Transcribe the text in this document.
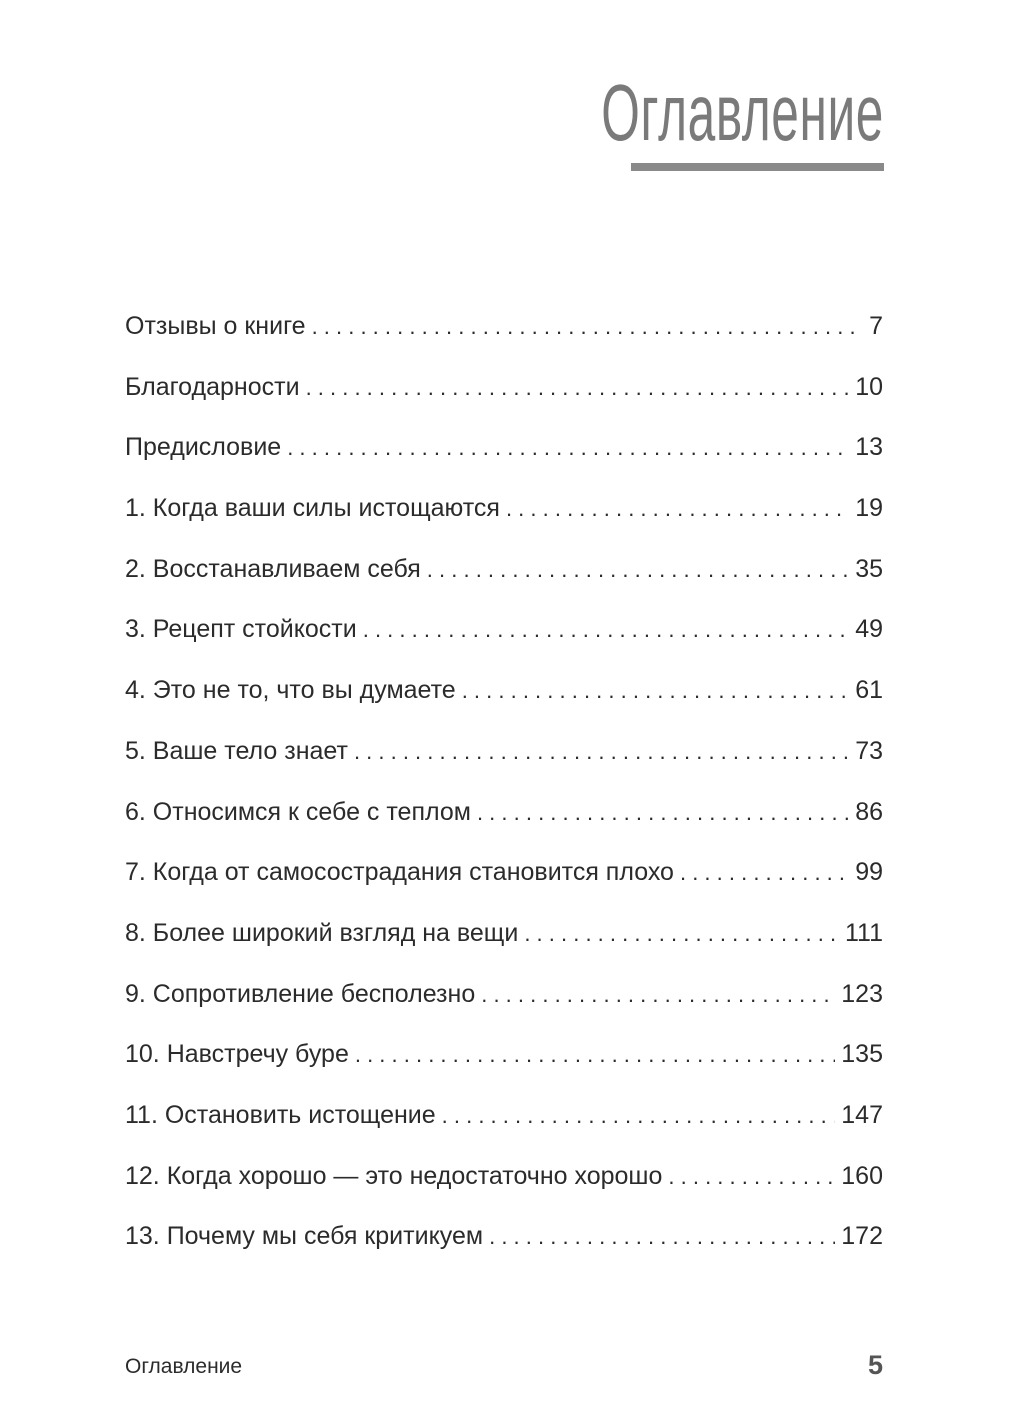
Оглавление
Отзывы о книге . . .	7
Благодарности . . .	10
Предисловие . . .	13
1. Когда ваши силы истощаются . . .	19
2. Восстанавливаем себя . . .	35
3. Рецепт стойкости . . .	49
4. Это не то, что вы думаете . . .	61
5. Ваше тело знает . . .	73
6. Относимся к себе с теплом . . .	86
7. Когда от самосострадания становится плохо . . .	99
8. Более широкий взгляд на вещи . . .	111
9. Сопротивление бесполезно . . .	123
10. Навстречу буре . . .	135
11. Остановить истощение . . .	147
12. Когда хорошо — это недостаточно хорошо . . .	160
13. Почему мы себя критикуем . . .	172
Оглавление	5
